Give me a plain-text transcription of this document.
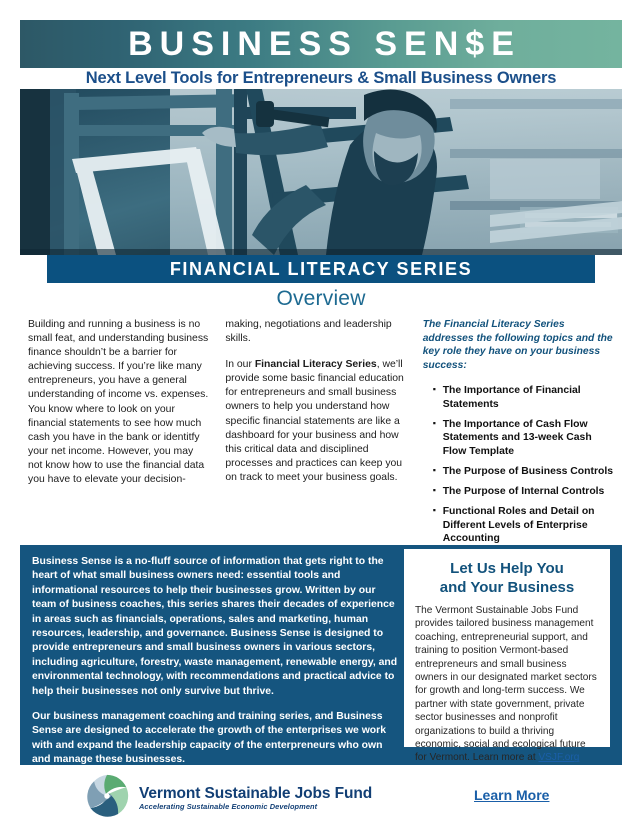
BUSINESS SEN$E
Next Level Tools for Entrepreneurs & Small Business Owners
FINANCIAL LITERACY SERIES
Overview

Building and running a business is no small feat, and understanding business finance shouldn’t be a barrier for achieving success. If you’re like many entrepreneurs, you have a general understanding of income vs. expenses. You know where to look on your financial statements to see how much cash you have in the bank or identitfy your net income. However, you may not know how to use the financial data you have to elevate your decision-

making, negotiations and leadership skills.

In our Financial Literacy Series, we’ll provide some basic financial education for entrepreneurs and small business owners to help you understand how specific financial statements are like a dashboard for your business and how this critical data and disciplined processes and practices can keep you on track to meet your business goals.

The Financial Literacy Series addresses the following topics and the key role they have on your business success:

▪ The Importance of Financial Statements
▪ The Importance of Cash Flow Statements and 13-week Cash Flow Template
▪ The Purpose of Business Controls
▪ The Purpose of Internal Controls
▪ Functional Roles and Detail on Different Levels of Enterprise Accounting

Business Sense is a no-fluff source of information that gets right to the heart of what small business owners need: essential tools and informational resources to help their businesses grow. Written by our team of business coaches, this series shares their decades of experience in areas such as financials, operations, sales and marketing, human resources, leadership, and governance. Business Sense is designed to provide entrepreneurs and small business owners in various sectors, including agriculture, forestry, waste management, renewable energy, and environmental technology, with recommendations and practical advice to help their businesses not only survive but thrive.

Our business management coaching and training series, and Business Sense are designed to accelerate the growth of the enterprises we work with and expand the leadership capacity of the enterpreneurs who own and manage these businesses.

Let Us Help You
and Your Business

The Vermont Sustainable Jobs Fund provides tailored business management coaching, entrepreneurial support, and training to position Vermont-based entrepreneurs and small business owners in our designated market sectors for growth and long-term success. We partner with state government, private sector businesses and nonprofit organizations to build a thriving economic, social and ecological future for Vermont. Learn more at VSJF.org

Vermont Sustainable Jobs Fund
Accelerating Sustainable Economic Development
Learn More
